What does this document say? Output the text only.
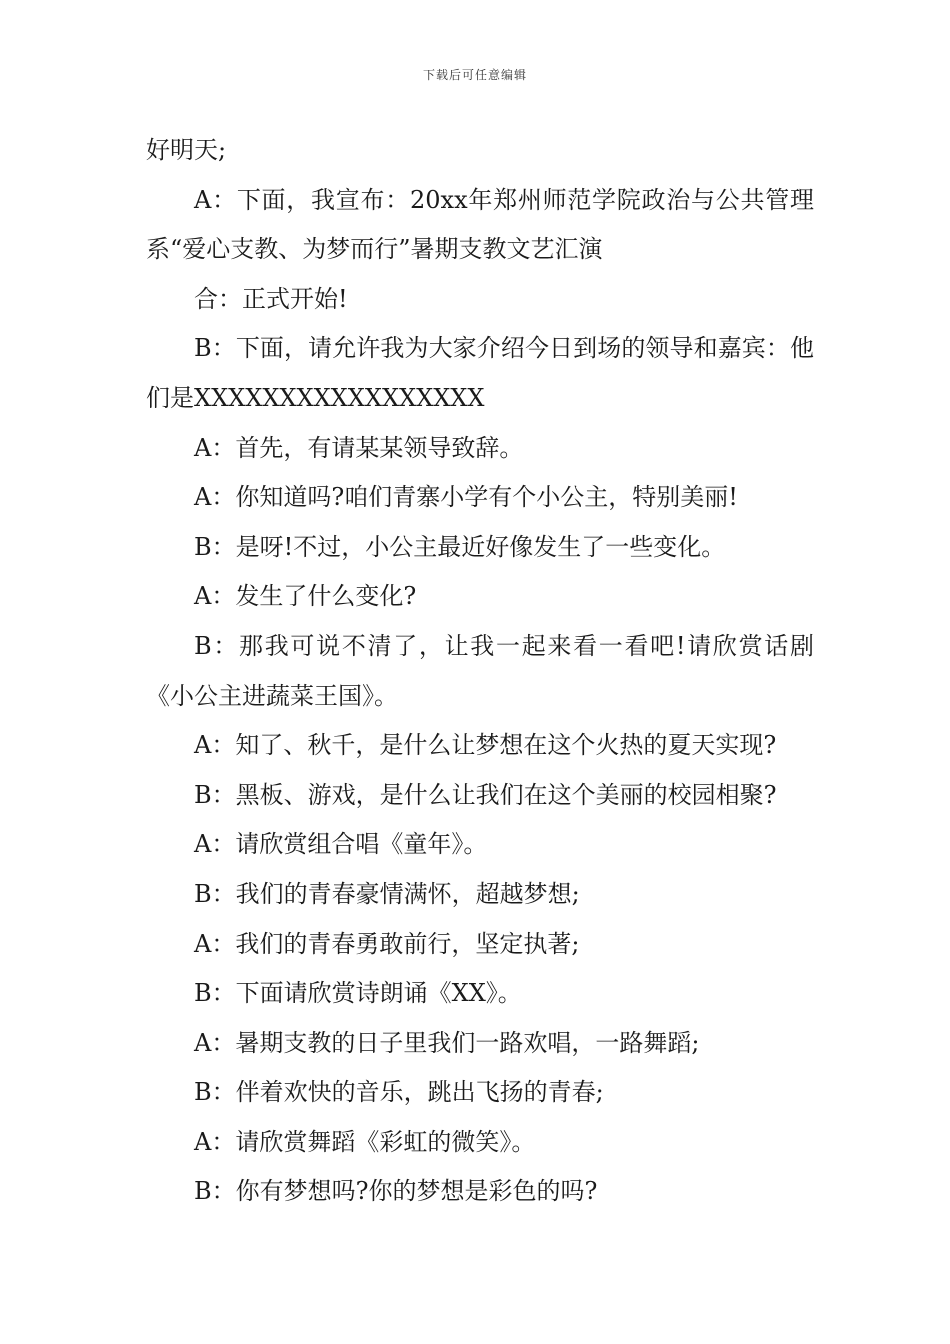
下载后可任意编辑

好明天;

A：下面，我宣布：20xx年郑州师范学院政治与公共管理系“爱心支教、为梦而行”暑期支教文艺汇演

合：正式开始!

B：下面，请允许我为大家介绍今日到场的领导和嘉宾：他们是XXXXXXXXXXXXXXXXX

A：首先，有请某某领导致辞。

A：你知道吗?咱们青寨小学有个小公主，特别美丽!

B：是呀!不过，小公主最近好像发生了一些变化。

A：发生了什么变化?

B：那我可说不清了，让我一起来看一看吧!请欣赏话剧《小公主进蔬菜王国》。

A：知了、秋千，是什么让梦想在这个火热的夏天实现?

B：黑板、游戏，是什么让我们在这个美丽的校园相聚?

A：请欣赏组合唱《童年》。

B：我们的青春豪情满怀，超越梦想;

A：我们的青春勇敢前行，坚定执著;

B：下面请欣赏诗朗诵《XX》。

A：暑期支教的日子里我们一路欢唱，一路舞蹈;

B：伴着欢快的音乐，跳出飞扬的青春;

A：请欣赏舞蹈《彩虹的微笑》。

B：你有梦想吗?你的梦想是彩色的吗?
